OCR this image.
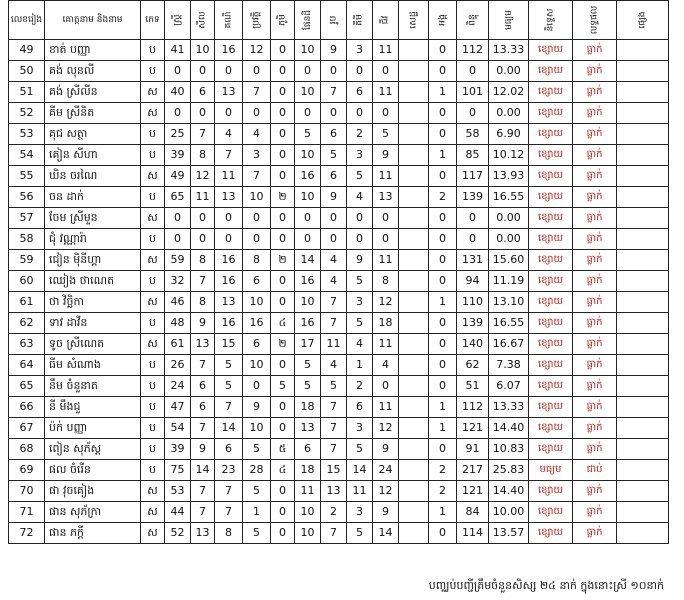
លេខរៀង	គោត្តនាម និងនាម	ភេទ	ស្រ្តី	សីល	គណិ	ប្រវត្តិ	ភូមិ	ផែនដី	រូប	គីមី	ជីវ	សេដ្ឋ	អង្គ	ពិន្ទុ	មធ្យម	និទ្ទេស	លទ្ធផល	ផ្សេង
49	ខាត់ បញ្ញា	ប	41	10	16	12	0	10	9	3	11		0	112	13.33	ខ្សោយ	ធ្លាក់	
50	គង់ លុនលី	ប	0	0	0	0	0	0	0	0	0		0	0	0.00	ខ្សោយ	ធ្លាក់	
51	គង់ ស្រីលីន	ស	40	6	13	7	0	10	7	6	11		1	101	12.02	ខ្សោយ	ធ្លាក់	
52	គីម ស្រីនិត	ស	0	0	0	0	0	0	0	0	0		0	0	0.00	ខ្សោយ	ធ្លាក់	
53	គុជ សត្ថា	ប	25	7	4	4	0	5	6	2	5		0	58	6.90	ខ្សោយ	ធ្លាក់	
54	គៀន សីហា	ប	39	8	7	3	0	10	5	3	9		1	85	10.12	ខ្សោយ	ធ្លាក់	
55	ឃិន ចរណៃ	ស	49	12	11	7	0	16	6	5	11		0	117	13.93	ខ្សោយ	ធ្លាក់	
56	ចន ដាក់	ប	65	11	13	10	២	10	9	4	13		2	139	16.55	ខ្សោយ	ធ្លាក់	
57	ចែម ស្រីមួន	ស	0	0	0	0	0	0	0	0	0		0	0	0.00	ខ្សោយ	ធ្លាក់	
58	ជុំ វណ្ណារ៉ា	ប	0	0	0	0	0	0	0	0	0		0	0	0.00	ខ្សោយ	ធ្លាក់	
59	ជៀន មុិនីហ្គា	ស	59	8	16	8	២	14	4	9	11		0	131	15.60	ខ្សោយ	ធ្លាក់	
60	ឈៀង ថាណេត	ប	32	7	16	6	0	16	4	5	8		0	94	11.19	ខ្សោយ	ធ្លាក់	
61	ថា វិច្ឆិកា	ស	46	8	13	10	0	10	7	3	12		1	110	13.10	ខ្សោយ	ធ្លាក់	
62	ទាវ ដាវីន	ប	48	9	16	16	៤	16	7	5	18		0	139	16.55	ខ្សោយ	ធ្លាក់	
63	ទូច ស្រីណេត	ស	61	13	15	6	២	17	11	4	11		0	140	16.67	ខ្សោយ	ធ្លាក់	
64	ធីម សំណាង	ប	26	7	5	10	0	5	4	1	4		0	62	7.38	ខ្សោយ	ធ្លាក់	
65	នឹម ចំនួនាត	ប	24	6	5	0	5	5	5	2	0		0	51	6.07	ខ្សោយ	ធ្លាក់	
66	នី មឹងជួ	ប	47	6	7	9	0	18	7	6	11		1	112	13.33	ខ្សោយ	ធ្លាក់	
67	ប៉ក់ បញ្ញា	ប	54	7	14	10	0	13	7	3	12		1	121	14.40	ខ្សោយ	ធ្លាក់	
68	ពៀន សុភ័ស្ត	ប	39	9	6	5	៥	6	7	5	9		0	91	10.83	ខ្សោយ	ធ្លាក់	
69	ផល ចំរើន	ប	75	14	23	28	៤	18	15	14	24		2	217	25.83	មធ្យម	ជាប់	
70	ផា វុចគៀង	ស	53	7	7	5	0	11	13	11	12		2	121	14.40	ខ្សោយ	ធ្លាក់	
71	ផាន សុភ័ក្រា	ស	44	7	7	1	0	10	2	3	9		1	84	10.00	ខ្សោយ	ធ្លាក់	
72	ផាន ភក្ដី	ស	52	13	8	5	0	10	7	5	14		0	114	13.57	ខ្សោយ	ធ្លាក់	
បញ្ឈប់បញ្ជីត្រឹមចំនួនសិស្ស ២៤ នាក់ ក្នុងនោះស្រី ១០នាក់
